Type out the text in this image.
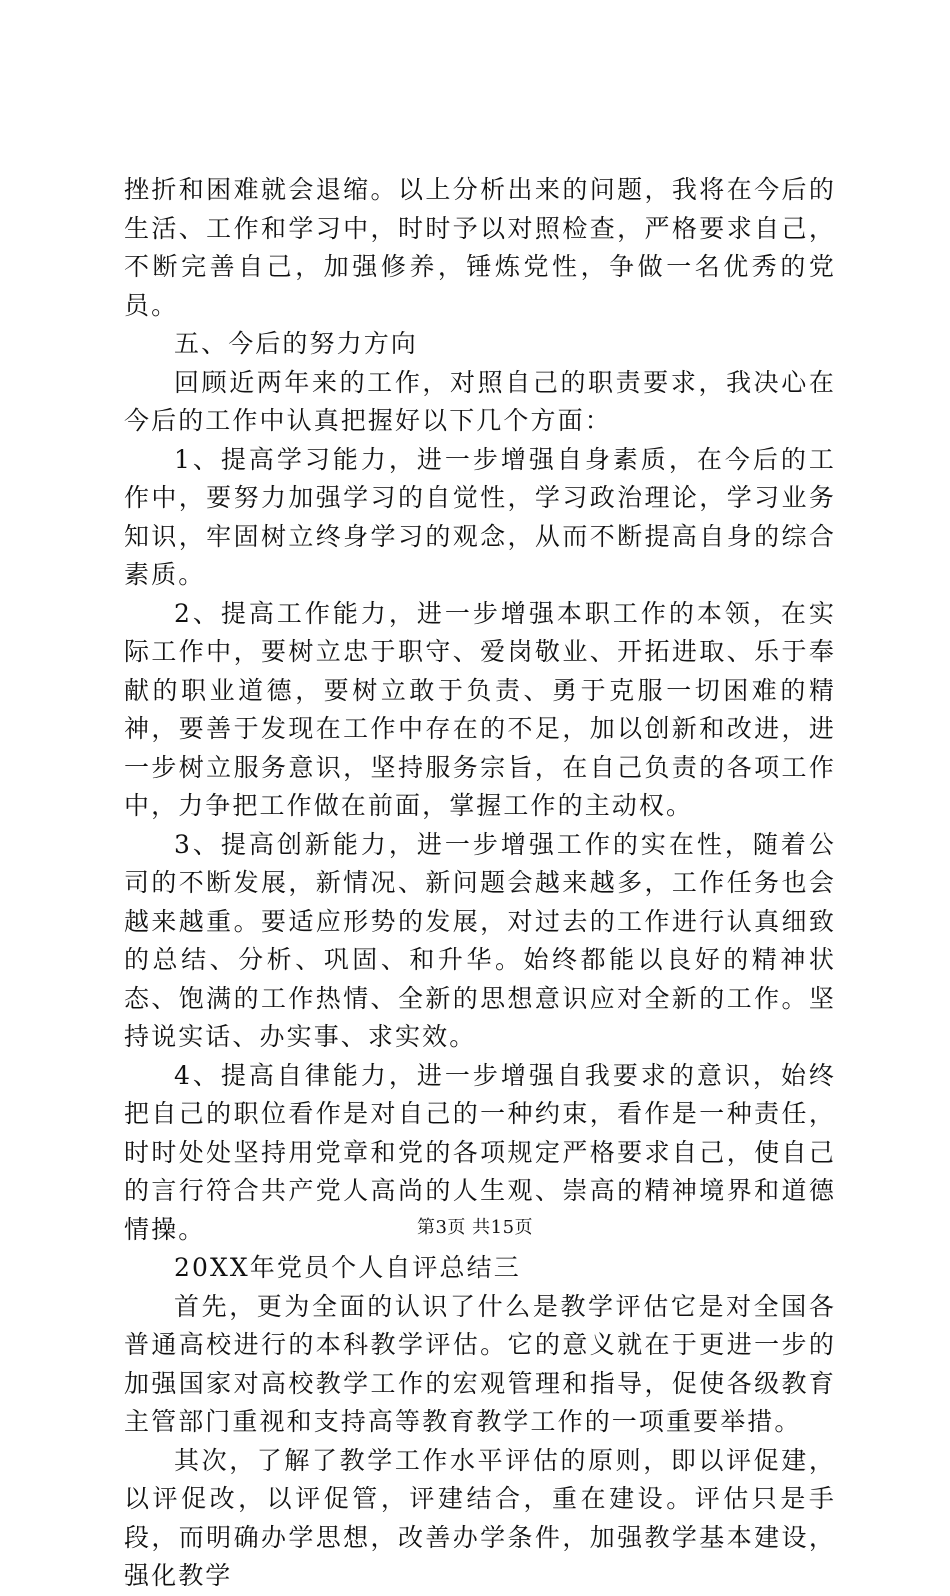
挫折和困难就会退缩。以上分析出来的问题，我将在今后的生活、工作和学习中，时时予以对照检查，严格要求自己，不断完善自己，加强修养，锤炼党性，争做一名优秀的党员。

五、今后的努力方向

回顾近两年来的工作，对照自己的职责要求，我决心在今后的工作中认真把握好以下几个方面：

1、提高学习能力，进一步增强自身素质，在今后的工作中，要努力加强学习的自觉性，学习政治理论，学习业务知识，牢固树立终身学习的观念，从而不断提高自身的综合素质。

2、提高工作能力，进一步增强本职工作的本领，在实际工作中，要树立忠于职守、爱岗敬业、开拓进取、乐于奉献的职业道德，要树立敢于负责、勇于克服一切困难的精神，要善于发现在工作中存在的不足，加以创新和改进，进一步树立服务意识，坚持服务宗旨，在自己负责的各项工作中，力争把工作做在前面，掌握工作的主动权。

3、提高创新能力，进一步增强工作的实在性，随着公司的不断发展，新情况、新问题会越来越多，工作任务也会越来越重。要适应形势的发展，对过去的工作进行认真细致的总结、分析、巩固、和升华。始终都能以良好的精神状态、饱满的工作热情、全新的思想意识应对全新的工作。坚持说实话、办实事、求实效。

4、提高自律能力，进一步增强自我要求的意识，始终把自己的职位看作是对自己的一种约束，看作是一种责任，时时处处坚持用党章和党的各项规定严格要求自己，使自己的言行符合共产党人高尚的人生观、崇高的精神境界和道德情操。

20XX年党员个人自评总结三

首先，更为全面的认识了什么是教学评估它是对全国各普通高校进行的本科教学评估。它的意义就在于更进一步的加强国家对高校教学工作的宏观管理和指导，促使各级教育主管部门重视和支持高等教育教学工作的一项重要举措。

其次，了解了教学工作水平评估的原则，即以评促建，以评促改，以评促管，评建结合，重在建设。评估只是手段，而明确办学思想，改善办学条件，加强教学基本建设，强化教学

第3页 共15页
